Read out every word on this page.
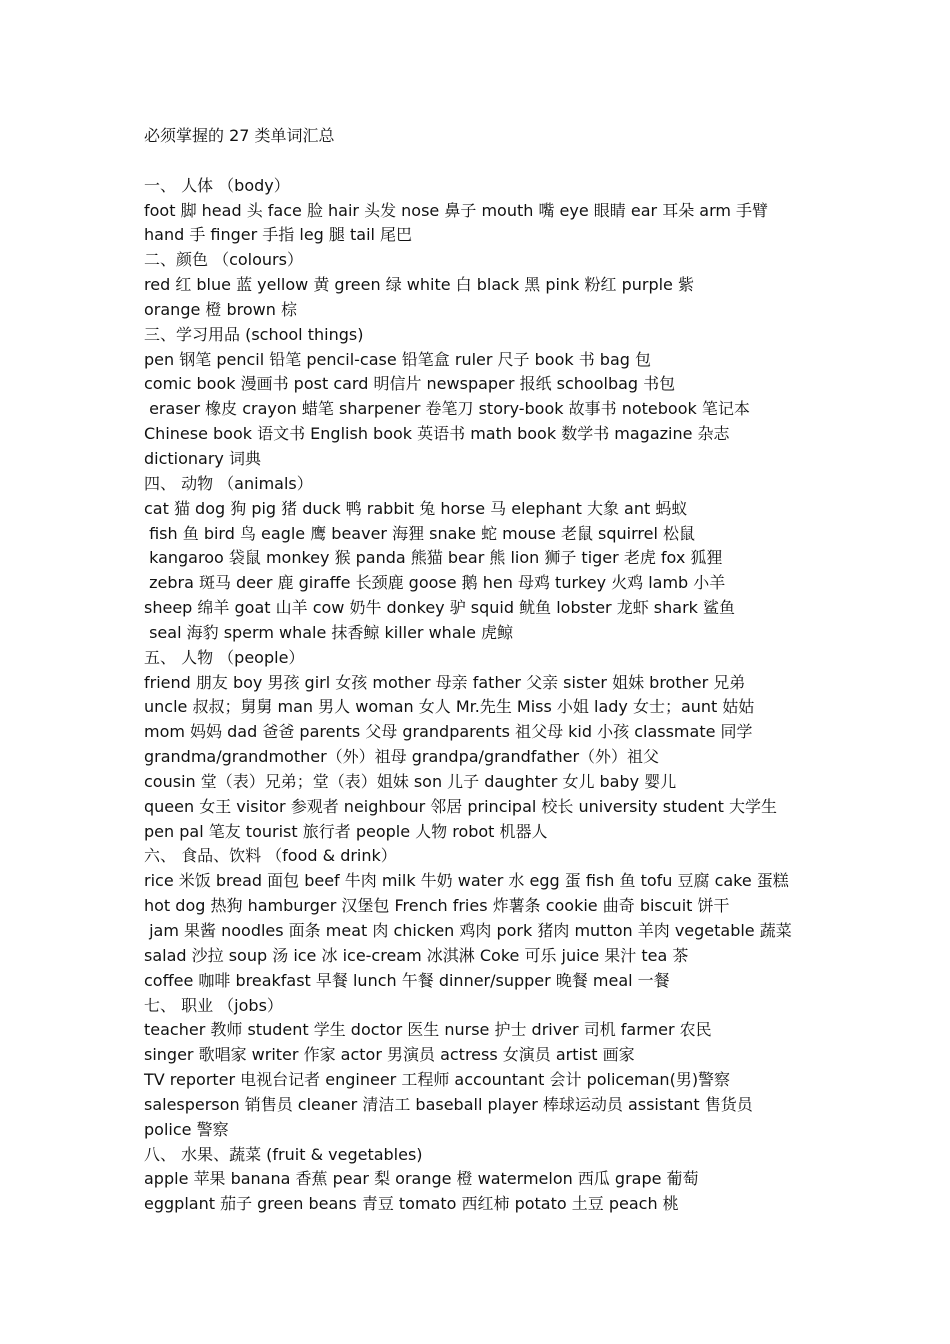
必须掌握的 27 类单词汇总
一、 人体 （body）
foot 脚 head 头 face 脸 hair 头发 nose 鼻子 mouth 嘴 eye 眼睛 ear 耳朵 arm 手臂
hand 手 finger 手指 leg 腿 tail 尾巴
二、颜色 （colours）
red 红 blue 蓝 yellow 黄 green 绿 white 白 black 黑 pink 粉红 purple 紫
orange 橙 brown 棕
三、学习用品 (school things)
pen 钢笔 pencil 铅笔 pencil-case 铅笔盒 ruler 尺子 book 书 bag 包
comic book 漫画书 post card 明信片 newspaper 报纸 schoolbag 书包
eraser 橡皮 crayon 蜡笔 sharpener 卷笔刀 story-book 故事书 notebook 笔记本
Chinese book 语文书 English book 英语书 math book 数学书 magazine 杂志
dictionary 词典
四、 动物 （animals）
cat 猫 dog 狗 pig 猪 duck 鸭 rabbit 兔 horse 马 elephant 大象 ant 蚂蚁
fish 鱼 bird 鸟 eagle 鹰 beaver 海狸 snake 蛇 mouse 老鼠 squirrel 松鼠
kangaroo 袋鼠 monkey 猴 panda 熊猫 bear 熊 lion 狮子 tiger 老虎 fox 狐狸
zebra 斑马 deer 鹿 giraffe 长颈鹿 goose 鹅 hen 母鸡 turkey 火鸡 lamb 小羊
sheep 绵羊 goat 山羊 cow 奶牛 donkey 驴 squid 鱿鱼 lobster 龙虾 shark 鲨鱼
seal 海豹 sperm whale 抹香鲸 killer whale 虎鲸
五、 人物 （people）
friend 朋友 boy 男孩 girl 女孩 mother 母亲 father 父亲 sister 姐妹 brother 兄弟
uncle 叔叔；舅舅 man 男人 woman 女人 Mr.先生 Miss 小姐 lady 女士；aunt 姑姑
mom 妈妈 dad 爸爸 parents 父母 grandparents 祖父母 kid 小孩 classmate 同学
grandma/grandmother（外）祖母 grandpa/grandfather（外）祖父
cousin 堂（表）兄弟；堂（表）姐妹 son 儿子 daughter 女儿 baby 婴儿
queen 女王 visitor 参观者 neighbour 邻居 principal 校长 university student 大学生
pen pal 笔友 tourist 旅行者 people 人物 robot 机器人
六、 食品、饮料 （food & drink）
rice 米饭 bread 面包 beef 牛肉 milk 牛奶 water 水 egg 蛋 fish 鱼 tofu 豆腐 cake 蛋糕
hot dog 热狗 hamburger 汉堡包 French fries 炸薯条 cookie 曲奇 biscuit 饼干
jam 果酱 noodles 面条 meat 肉 chicken 鸡肉 pork 猪肉 mutton 羊肉 vegetable 蔬菜
salad 沙拉 soup 汤 ice 冰 ice-cream 冰淇淋 Coke 可乐 juice 果汁 tea 茶
coffee 咖啡 breakfast 早餐 lunch 午餐 dinner/supper 晚餐 meal 一餐
七、 职业 （jobs）
teacher 教师 student 学生 doctor 医生 nurse 护士 driver 司机 farmer 农民
singer 歌唱家 writer 作家 actor 男演员 actress 女演员 artist 画家
TV reporter 电视台记者 engineer 工程师 accountant 会计 policeman(男)警察
salesperson 销售员 cleaner 清洁工 baseball player 棒球运动员 assistant 售货员
police 警察
八、 水果、蔬菜 (fruit & vegetables)
apple 苹果 banana 香蕉 pear 梨 orange 橙 watermelon 西瓜 grape 葡萄
eggplant 茄子 green beans 青豆 tomato 西红柿 potato 土豆 peach 桃
